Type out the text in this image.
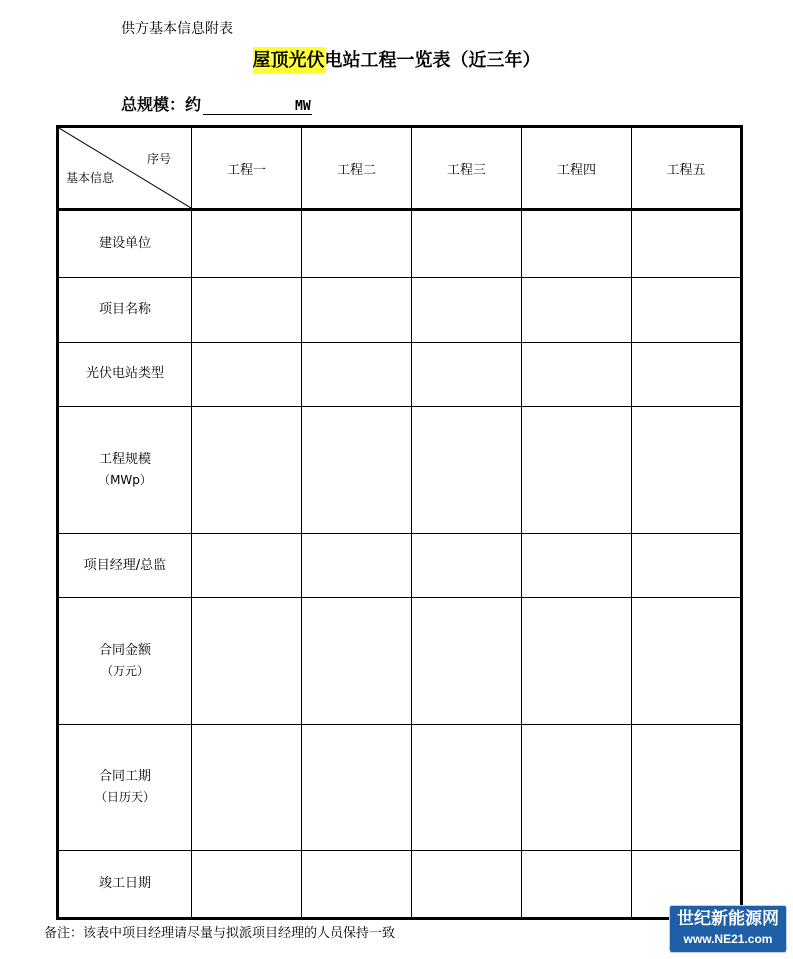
供方基本信息附表
屋顶光伏电站工程一览表（近三年）
总规模：约	MW
序号
基本信息	工程一	工程二	工程三	工程四	工程五
建设单位					
项目名称					
光伏电站类型					
工程规模
（MWp）					

项目经理/总监					
合同金额
（万元）					

合同工期
（日历天）					

竣工日期					
备注：该表中项目经理请尽量与拟派项目经理的人员保持一致
世纪新能源网
www.NE21.com
